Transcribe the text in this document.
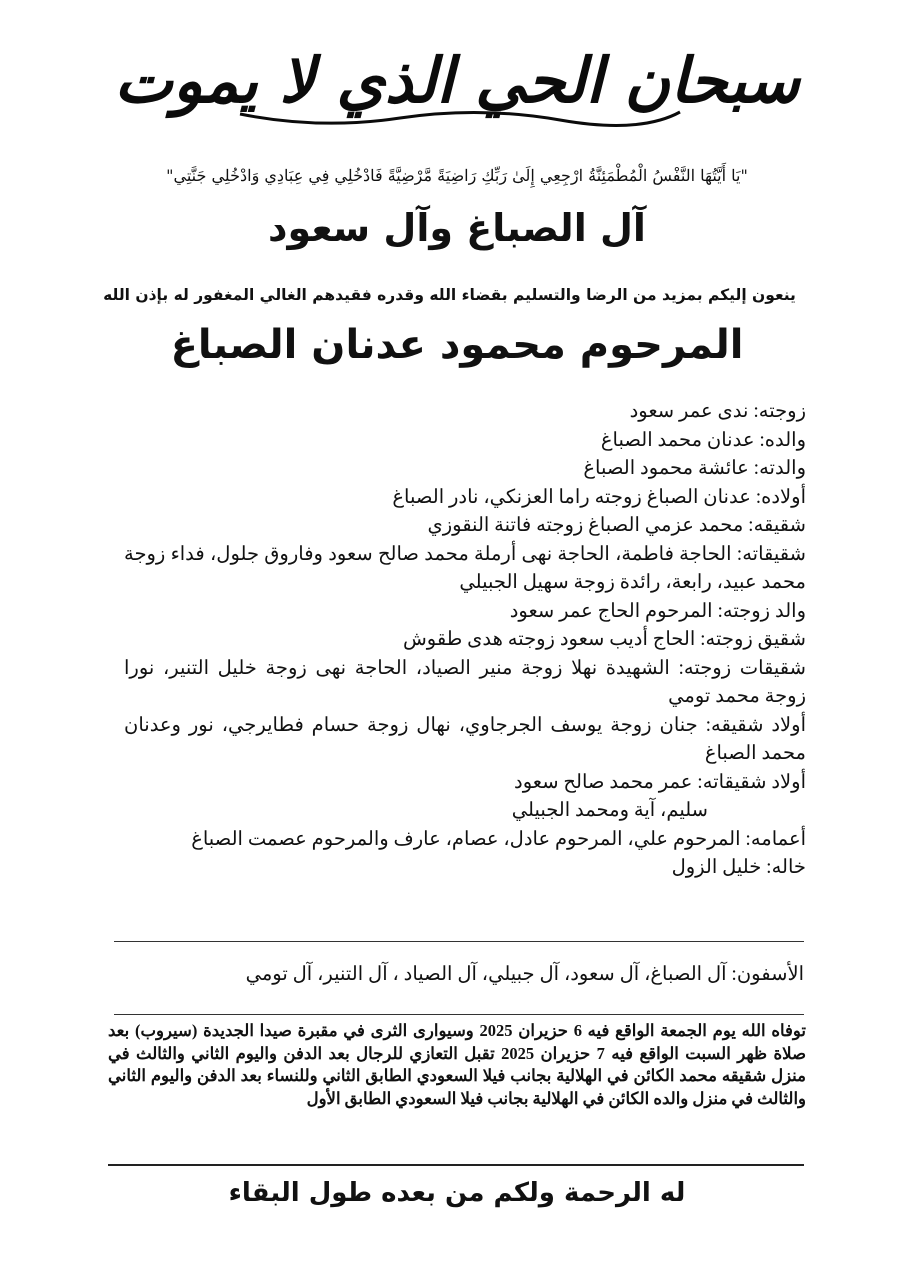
سبحان الحي الذي لا يموت
"يَا أَيَّتُهَا النَّفْسُ الْمُطْمَئِنَّةُ ارْجِعِي إِلَىٰ رَبِّكِ رَاضِيَةً مَّرْضِيَّةً فَادْخُلِي فِي عِبَادِي وَادْخُلِي جَنَّتِي"
آل الصباغ وآل سعود
ينعون إليكم بمزيد من الرضا والتسليم بقضاء الله وقدره فقيدهم الغالي المغفور له بإذن الله
المرحوم محمود عدنان الصباغ
زوجته: ندى عمر سعود
والده: عدنان محمد الصباغ
والدته: عائشة محمود الصباغ
أولاده: عدنان الصباغ زوجته راما العزنكي، نادر الصباغ
شقيقه: محمد عزمي الصباغ زوجته فاتنة النقوزي
شقيقاته: الحاجة فاطمة، الحاجة نهى أرملة محمد صالح سعود وفاروق جلول، فداء زوجة محمد عبيد، رابعة، رائدة زوجة سهيل الجبيلي
والد زوجته: المرحوم الحاج عمر سعود
شقيق زوجته: الحاج أديب سعود زوجته هدى طقوش
شقيقات زوجته: الشهيدة نهلا زوجة منير الصياد، الحاجة نهى زوجة خليل التنير، نورا زوجة محمد تومي
أولاد شقيقه: جنان زوجة يوسف الجرجاوي، نهال زوجة حسام فطايرجي، نور وعدنان محمد الصباغ
أولاد شقيقاته: عمر محمد صالح سعود
سليم، آية ومحمد الجبيلي
أعمامه: المرحوم علي، المرحوم عادل، عصام، عارف والمرحوم عصمت الصباغ
خاله: خليل الزول
الأسفون: آل الصباغ، آل سعود، آل جبيلي، آل الصياد ، آل التنير، آل تومي
توفاه الله يوم الجمعة الواقع فيه 6 حزيران 2025 وسيوارى الثرى في مقبرة صيدا الجديدة (سيروب) بعد صلاة ظهر السبت الواقع فيه 7 حزيران 2025 تقبل التعازي للرجال بعد الدفن واليوم الثاني والثالث في منزل شقيقه محمد الكائن في الهلالية بجانب فيلا السعودي الطابق الثاني وللنساء بعد الدفن واليوم الثاني والثالث في منزل والده الكائن في الهلالية بجانب فيلا السعودي الطابق الأول
له الرحمة ولكم من بعده طول البقاء
